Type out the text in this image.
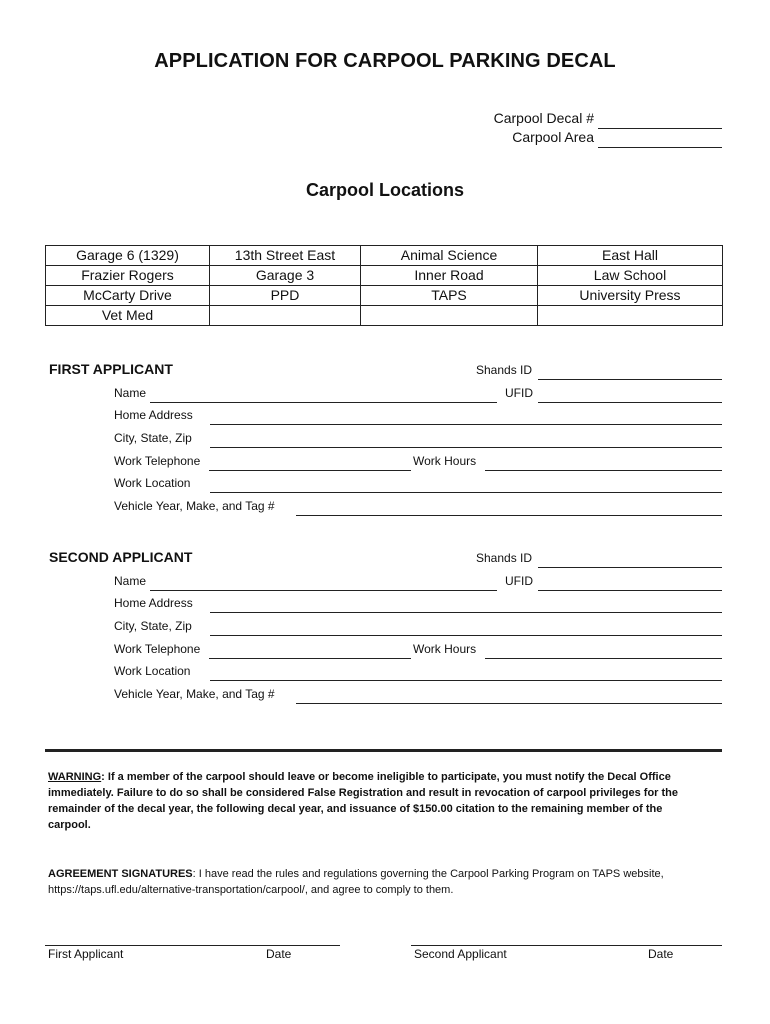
APPLICATION FOR CARPOOL PARKING DECAL
Carpool Decal #
Carpool Area
Carpool Locations
Garage 6 (1329)	13th Street East	Animal Science	East Hall
Frazier Rogers	Garage 3	Inner Road	Law School
McCarty Drive	PPD	TAPS	University Press
Vet Med			
FIRST APPLICANT	Shands ID
Name	UFID
Home Address
City, State, Zip
Work Telephone	Work Hours
Work Location
Vehicle Year, Make, and Tag #
SECOND APPLICANT	Shands ID
Name	UFID
Home Address
City, State, Zip
Work Telephone	Work Hours
Work Location
Vehicle Year, Make, and Tag #
WARNING: If a member of the carpool should leave or become ineligible to participate, you must notify the Decal Office immediately. Failure to do so shall be considered False Registration and result in revocation of carpool privileges for the remainder of the decal year, the following decal year, and issuance of $150.00 citation to the remaining member of the carpool.
AGREEMENT SIGNATURES: I have read the rules and regulations governing the Carpool Parking Program on TAPS website, https://taps.ufl.edu/alternative-transportation/carpool/, and agree to comply to them.
First Applicant	Date	Second Applicant	Date
